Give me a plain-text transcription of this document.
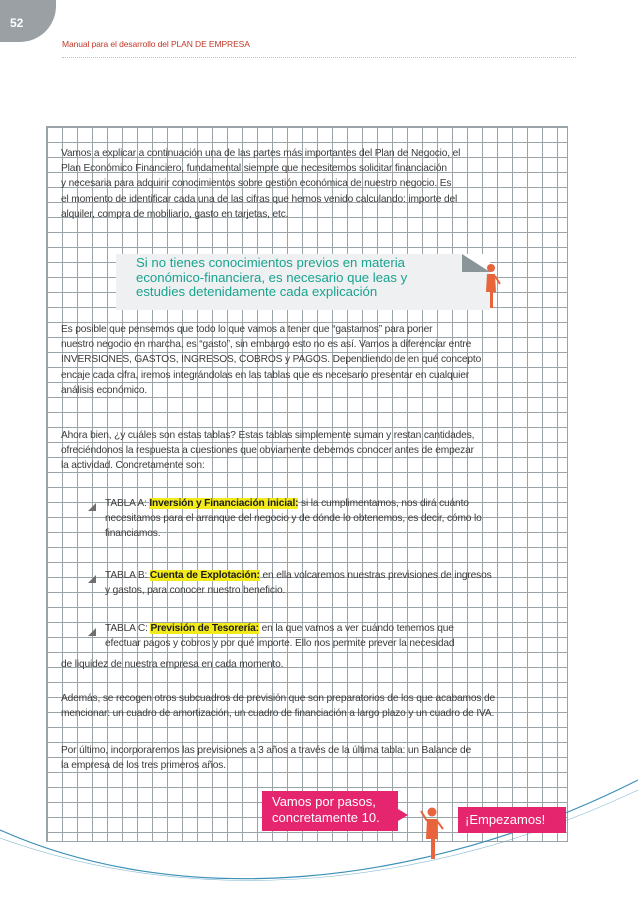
52
Manual para el desarrollo del PLAN DE EMPRESA
Vamos a explicar a continuación una de las partes más importantes del Plan de Negocio, el
Plan Económico Financiero, fundamental siempre que necesitemos solicitar financiación
y necesaria para adquirir conocimientos sobre gestión económica de nuestro negocio. Es
el momento de identificar cada una de las cifras que hemos venido calculando: importe del
alquiler, compra de mobiliario, gasto en tarjetas, etc.
Si no tienes conocimientos previos en materia
económico-financiera, es necesario que leas y
estudies detenidamente cada explicación
Es posible que pensemos que todo lo que vamos a tener que “gastarnos” para poner
nuestro negocio en marcha, es “gasto”, sin embargo esto no es así. Vamos a diferenciar entre
INVERSIONES, GASTOS, INGRESOS, COBROS y PAGOS. Dependiendo de en qué concepto
encaje cada cifra, iremos integrándolas en las tablas que es necesario presentar en cualquier
análisis económico.
Ahora bien, ¿y cuáles son estas tablas? Estas tablas simplemente suman y restan cantidades,
ofreciéndonos la respuesta a cuestiones que obviamente debemos conocer antes de empezar
la actividad. Concretamente son:
TABLA A: Inversión y Financiación inicial: si la cumplimentamos, nos dirá cuánto
necesitamos para el arranque del negocio y de dónde lo obtenemos, es decir, cómo lo
financiamos.
TABLA B: Cuenta de Explotación: en ella volcaremos nuestras previsiones de ingresos
y gastos, para conocer nuestro beneficio.
TABLA C: Previsión de Tesorería: en la que vamos a ver cuándo tenemos que
efectuar pagos y cobros y por qué importe. Ello nos permite prever la necesidad
de liquidez de nuestra empresa en cada momento.
Además, se recogen otros subcuadros de previsión que son preparatorios de los que acabamos de
mencionar: un cuadro de amortización, un cuadro de financiación a largo plazo y un cuadro de IVA.
Por último, incorporaremos las previsiones a 3 años a través de la última tabla: un Balance de
la empresa de los tres primeros años.
Vamos por pasos,
concretamente 10.	¡Empezamos!
